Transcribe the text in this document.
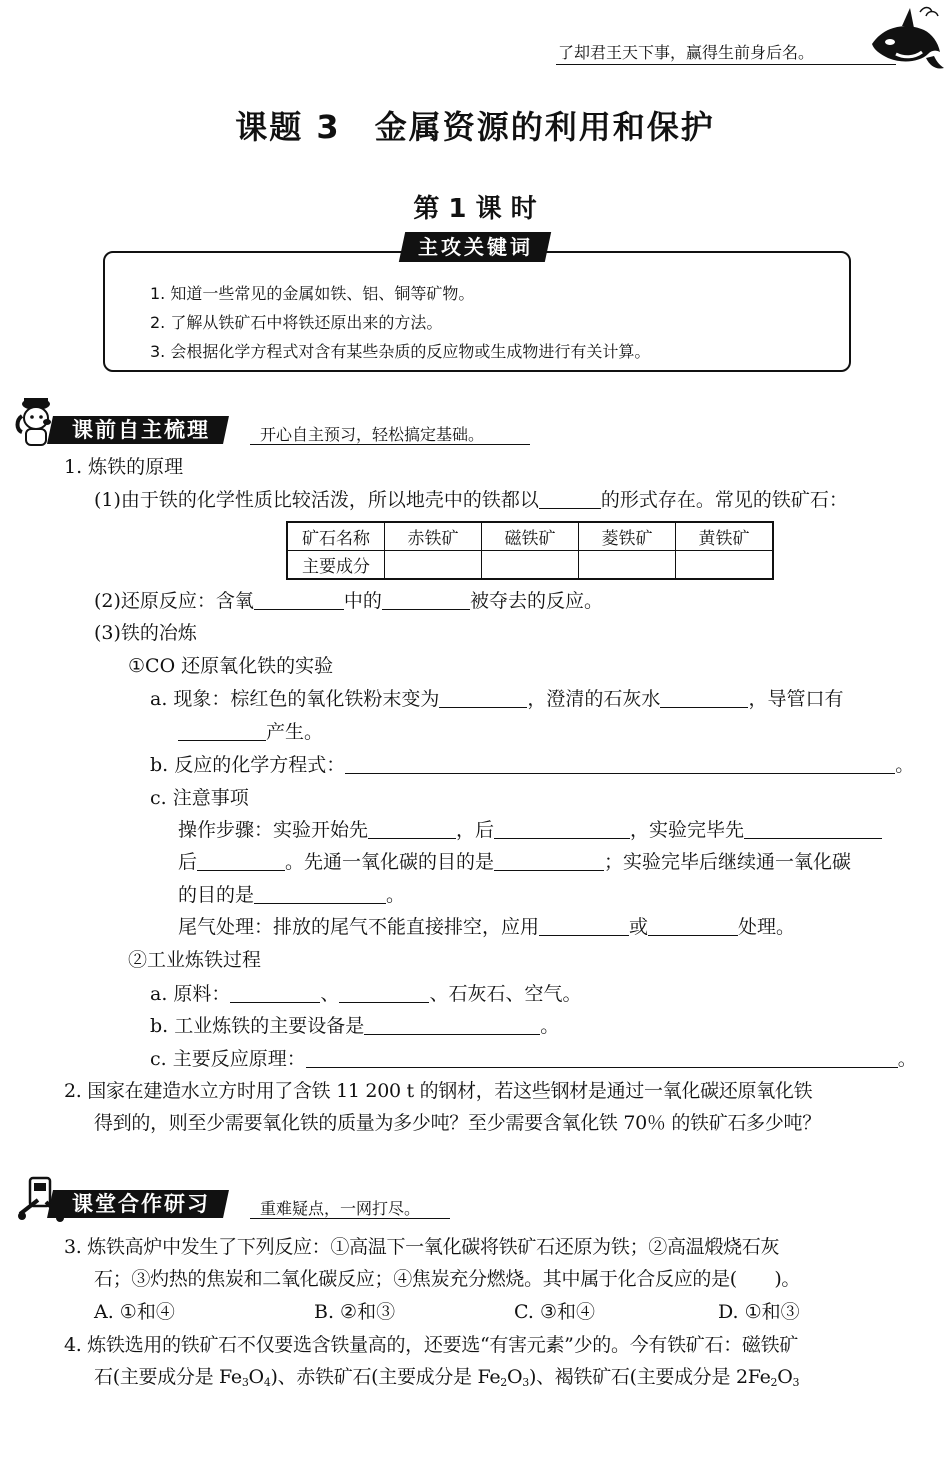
了却君王天下事，赢得生前身后名。
课题 3　金属资源的利用和保护
第 1 课 时
主攻关键词
1. 知道一些常见的金属如铁、铝、铜等矿物。
2. 了解从铁矿石中将铁还原出来的方法。
3. 会根据化学方程式对含有某些杂质的反应物或生成物进行有关计算。
课前自主梳理	开心自主预习，轻松搞定基础。
1. 炼铁的原理
(1)由于铁的化学性质比较活泼，所以地壳中的铁都以	的形式存在。常见的铁矿石：
矿石名称	赤铁矿	磁铁矿	菱铁矿	黄铁矿
主要成分				
(2)还原反应：含氧	中的	被夺去的反应。
(3)铁的冶炼
①CO 还原氧化铁的实验
a. 现象：棕红色的氧化铁粉末变为	，澄清的石灰水	，导管口有
产生。
b. 反应的化学方程式：	。
c. 注意事项
操作步骤：实验开始先	，后	，实验完毕先
后	。先通一氧化碳的目的是	；实验完毕后继续通一氧化碳
的目的是	。
尾气处理：排放的尾气不能直接排空，应用	或	处理。
②工业炼铁过程
a. 原料：	、	、石灰石、空气。
b. 工业炼铁的主要设备是	。
c. 主要反应原理：	。
2. 国家在建造水立方时用了含铁 11 200 t 的钢材，若这些钢材是通过一氧化碳还原氧化铁
得到的，则至少需要氧化铁的质量为多少吨？至少需要含氧化铁 70％ 的铁矿石多少吨？
课堂合作研习	重难疑点，一网打尽。
3. 炼铁高炉中发生了下列反应：①高温下一氧化碳将铁矿石还原为铁；②高温煅烧石灰
石；③灼热的焦炭和二氧化碳反应；④焦炭充分燃烧。其中属于化合反应的是(　　)。
A. ①和④	B. ②和③	C. ③和④	D. ①和③
4. 炼铁选用的铁矿石不仅要选含铁量高的，还要选“有害元素”少的。今有铁矿石：磁铁矿
石(主要成分是 $Fe_3O_4$)、赤铁矿石(主要成分是 $Fe_2O_3$)、褐铁矿石(主要成分是 $2Fe_2O_3$
